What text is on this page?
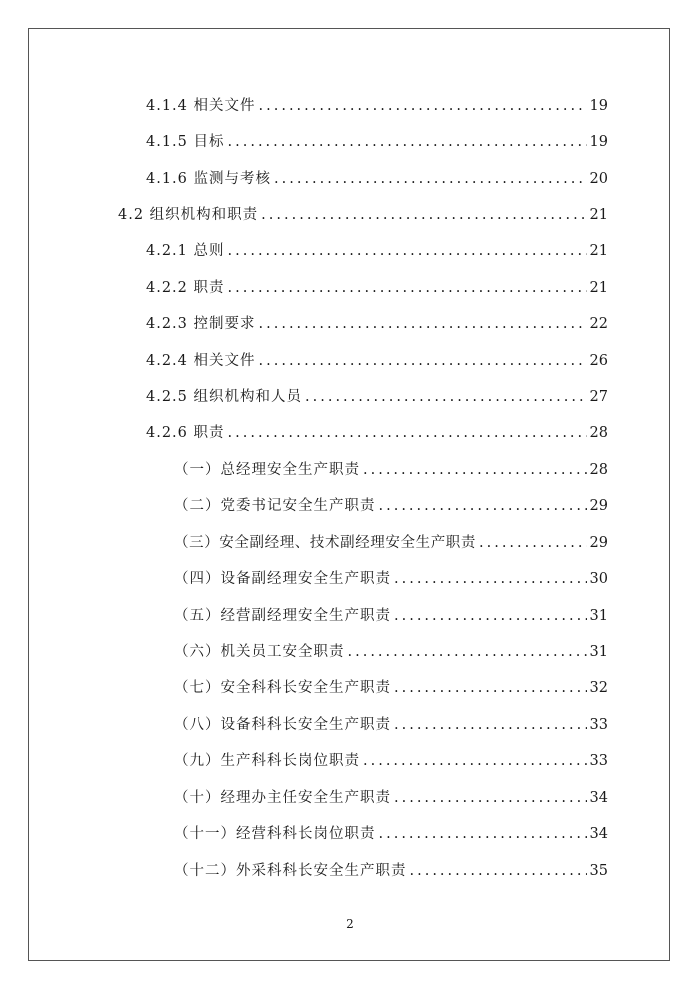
4.1.4 相关文件 .....	19
4.1.5 目标 .....	19
4.1.6 监测与考核 .....	20
4.2 组织机构和职责 .....	21
4.2.1 总则 .....	21
4.2.2 职责 .....	21
4.2.3 控制要求 .....	22
4.2.4 相关文件 .....	26
4.2.5 组织机构和人员 .....	27
4.2.6 职责 .....	28
（一）总经理安全生产职责 .....	28
（二）党委书记安全生产职责 .....	29
（三）安全副经理、技术副经理安全生产职责 .....	29
（四）设备副经理安全生产职责 .....	30
（五）经营副经理安全生产职责 .....	31
（六）机关员工安全职责 .....	31
（七）安全科科长安全生产职责 .....	32
（八）设备科科长安全生产职责 .....	33
（九）生产科科长岗位职责 .....	33
（十）经理办主任安全生产职责 .....	34
（十一）经营科科长岗位职责 .....	34
（十二）外采科科长安全生产职责 .....	35
2
